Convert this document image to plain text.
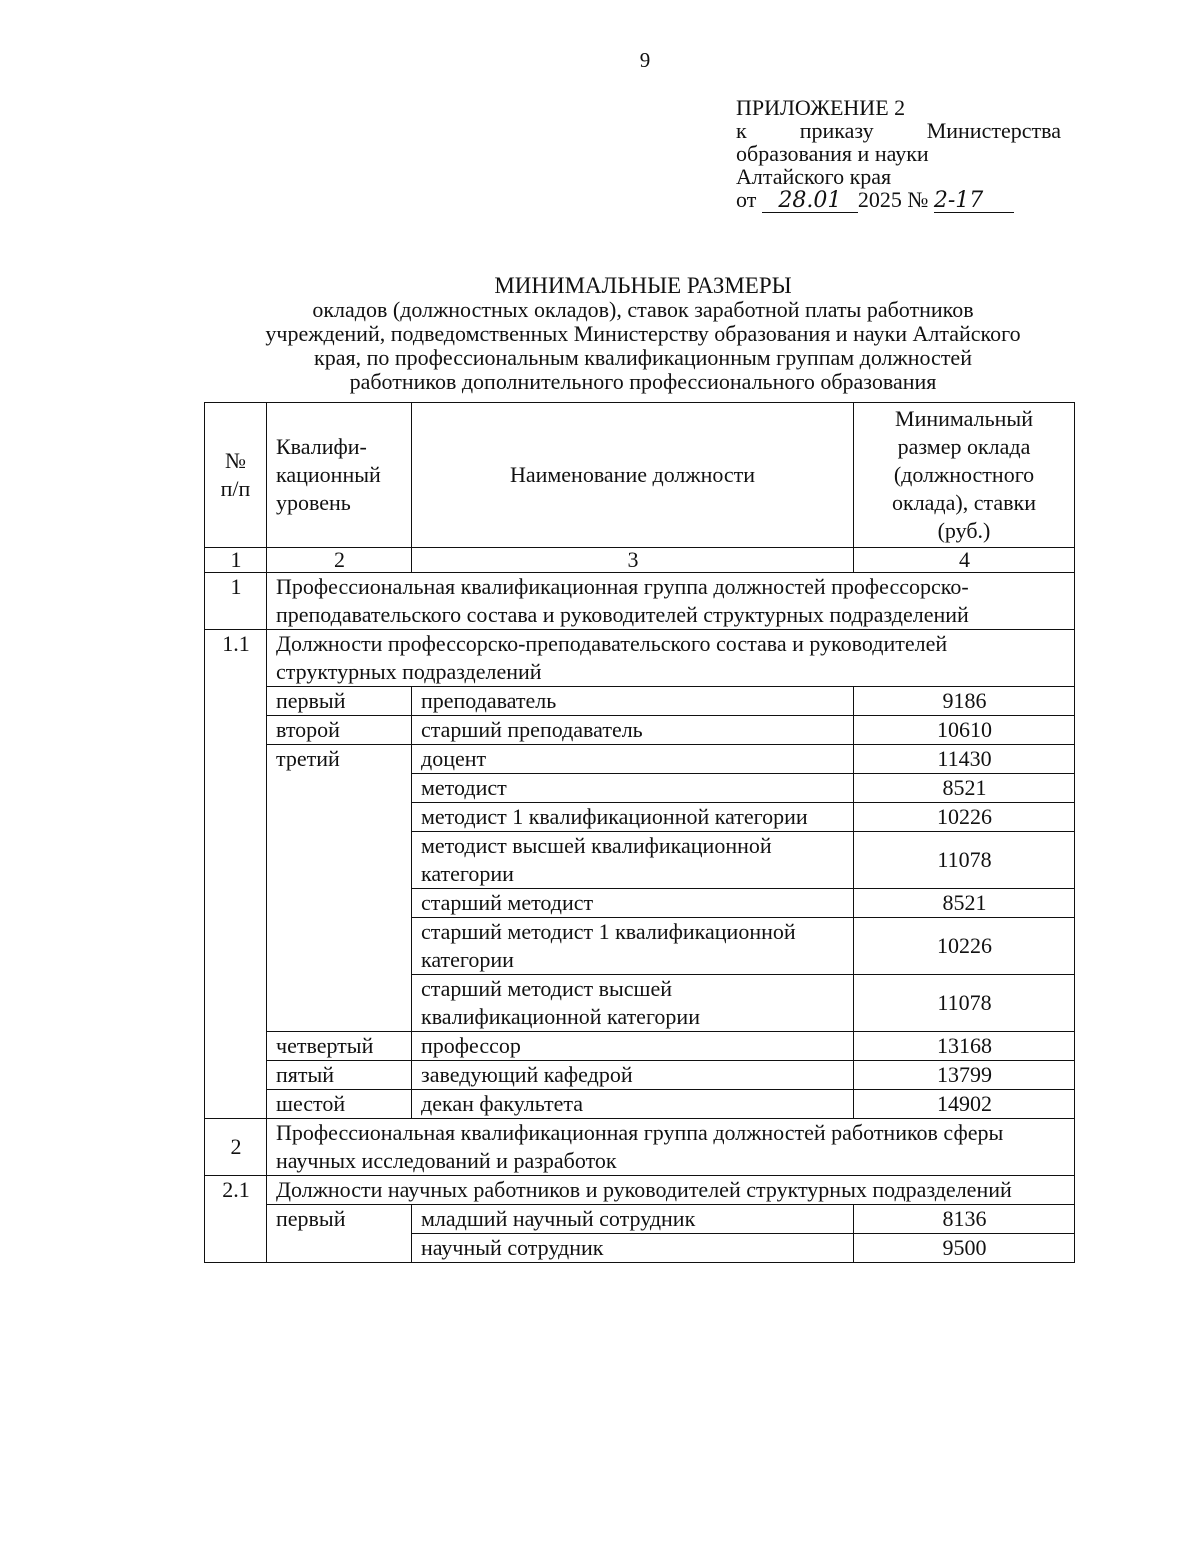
9
ПРИЛОЖЕНИЕ 2
к приказу Министерства
образования и науки
Алтайского края
от 28.01 2025 № 2-17
МИНИМАЛЬНЫЕ РАЗМЕРЫ
окладов (должностных окладов), ставок заработной платы работников
учреждений, подведомственных Министерству образования и науки Алтайского
края, по профессиональным квалификационным группам должностей
работников дополнительного профессионального образования
№ п/п	Квалифи-кационный уровень	Наименование должности	Минимальный размер оклада (должностного оклада), ставки (руб.)
1	2	3	4
1	Профессиональная квалификационная группа должностей профессорско-преподавательского состава и руководителей структурных подразделений		
1.1	Должности профессорско-преподавательского состава и руководителей структурных подразделений		
	первый	преподаватель	9186
	второй	старший преподаватель	10610
	третий	доцент	11430
		методист	8521
		методист 1 квалификационной категории	10226
		методист высшей квалификационной категории	11078
		старший методист	8521
		старший методист 1 квалификационной категории	10226
		старший методист высшей квалификационной категории	11078
	четвертый	профессор	13168
	пятый	заведующий кафедрой	13799
	шестой	декан факультета	14902
2	Профессиональная квалификационная группа должностей работников сферы научных исследований и разработок		
2.1	Должности научных работников и руководителей структурных подразделений		
	первый	младший научный сотрудник	8136
		научный сотрудник	9500
